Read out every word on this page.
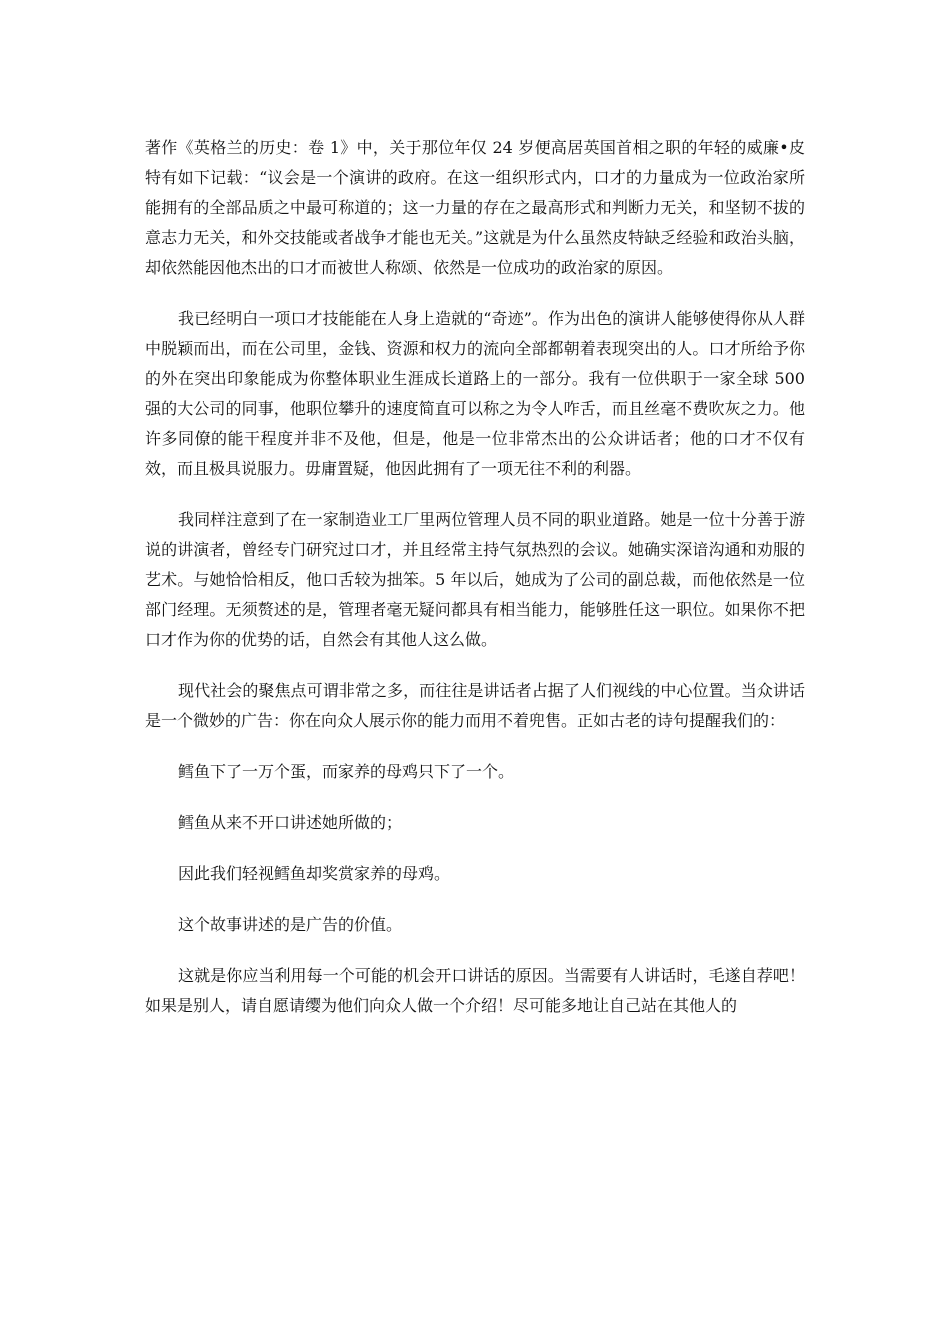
著作《英格兰的历史：卷 1》中，关于那位年仅 24 岁便高居英国首相之职的年轻的威廉•皮特有如下记载：“议会是一个演讲的政府。在这一组织形式内，口才的力量成为一位政治家所能拥有的全部品质之中最可称道的；这一力量的存在之最高形式和判断力无关，和坚韧不拔的意志力无关，和外交技能或者战争才能也无关。”这就是为什么虽然皮特缺乏经验和政治头脑，却依然能因他杰出的口才而被世人称颂、依然是一位成功的政治家的原因。

我已经明白一项口才技能能在人身上造就的“奇迹”。作为出色的演讲人能够使得你从人群中脱颖而出，而在公司里，金钱、资源和权力的流向全部都朝着表现突出的人。口才所给予你的外在突出印象能成为你整体职业生涯成长道路上的一部分。我有一位供职于一家全球 500 强的大公司的同事，他职位攀升的速度简直可以称之为令人咋舌，而且丝毫不费吹灰之力。他许多同僚的能干程度并非不及他，但是，他是一位非常杰出的公众讲话者；他的口才不仅有效，而且极具说服力。毋庸置疑，他因此拥有了一项无往不利的利器。

我同样注意到了在一家制造业工厂里两位管理人员不同的职业道路。她是一位十分善于游说的讲演者，曾经专门研究过口才，并且经常主持气氛热烈的会议。她确实深谙沟通和劝服的艺术。与她恰恰相反，他口舌较为拙笨。5 年以后，她成为了公司的副总裁，而他依然是一位部门经理。无须赘述的是，管理者毫无疑问都具有相当能力，能够胜任这一职位。如果你不把口才作为你的优势的话，自然会有其他人这么做。

现代社会的聚焦点可谓非常之多，而往往是讲话者占据了人们视线的中心位置。当众讲话是一个微妙的广告：你在向众人展示你的能力而用不着兜售。正如古老的诗句提醒我们的：

鳕鱼下了一万个蛋，而家养的母鸡只下了一个。

鳕鱼从来不开口讲述她所做的；

因此我们轻视鳕鱼却奖赏家养的母鸡。

这个故事讲述的是广告的价值。

这就是你应当利用每一个可能的机会开口讲话的原因。当需要有人讲话时，毛遂自荐吧！如果是别人，请自愿请缨为他们向众人做一个介绍！尽可能多地让自己站在其他人的
